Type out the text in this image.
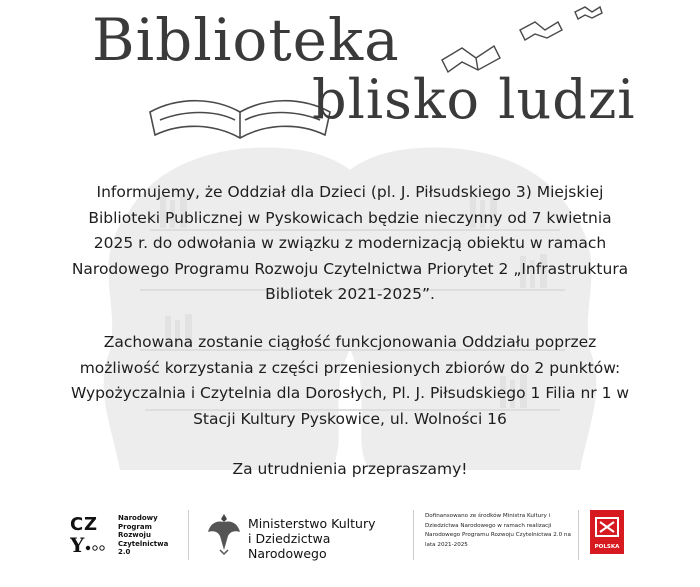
Biblioteka
blisko ludzi
Informujemy, że Oddział dla Dzieci (pl. J. Piłsudskiego 3) Miejskiej Biblioteki Publicznej w Pyskowicach będzie nieczynny od 7 kwietnia 2025 r. do odwołania w związku z modernizacją obiektu w ramach Narodowego Programu Rozwoju Czytelnictwa Priorytet 2 „Infrastruktura Bibliotek 2021-2025”.
Zachowana zostanie ciągłość funkcjonowania Oddziału poprzez możliwość korzystania z części przeniesionych zbiorów do 2 punktów: Wypożyczalnia i Czytelnia dla Dorosłych, Pl. J. Piłsudskiego 1 Filia nr 1 w Stacji Kultury Pyskowice, ul. Wolności 16
Za utrudnienia przepraszamy!
C Z
Y
Narodowy
Program
Rozwoju
Czytelnictwa
2.0
Ministerstwo Kultury
i Dziedzictwa Narodowego
Dofinansowano ze środków Ministra Kultury i Dziedzictwa Narodowego w ramach realizacji Narodowego Programu Rozwoju Czytelnictwa 2.0 na lata 2021-2025	POLSKA
